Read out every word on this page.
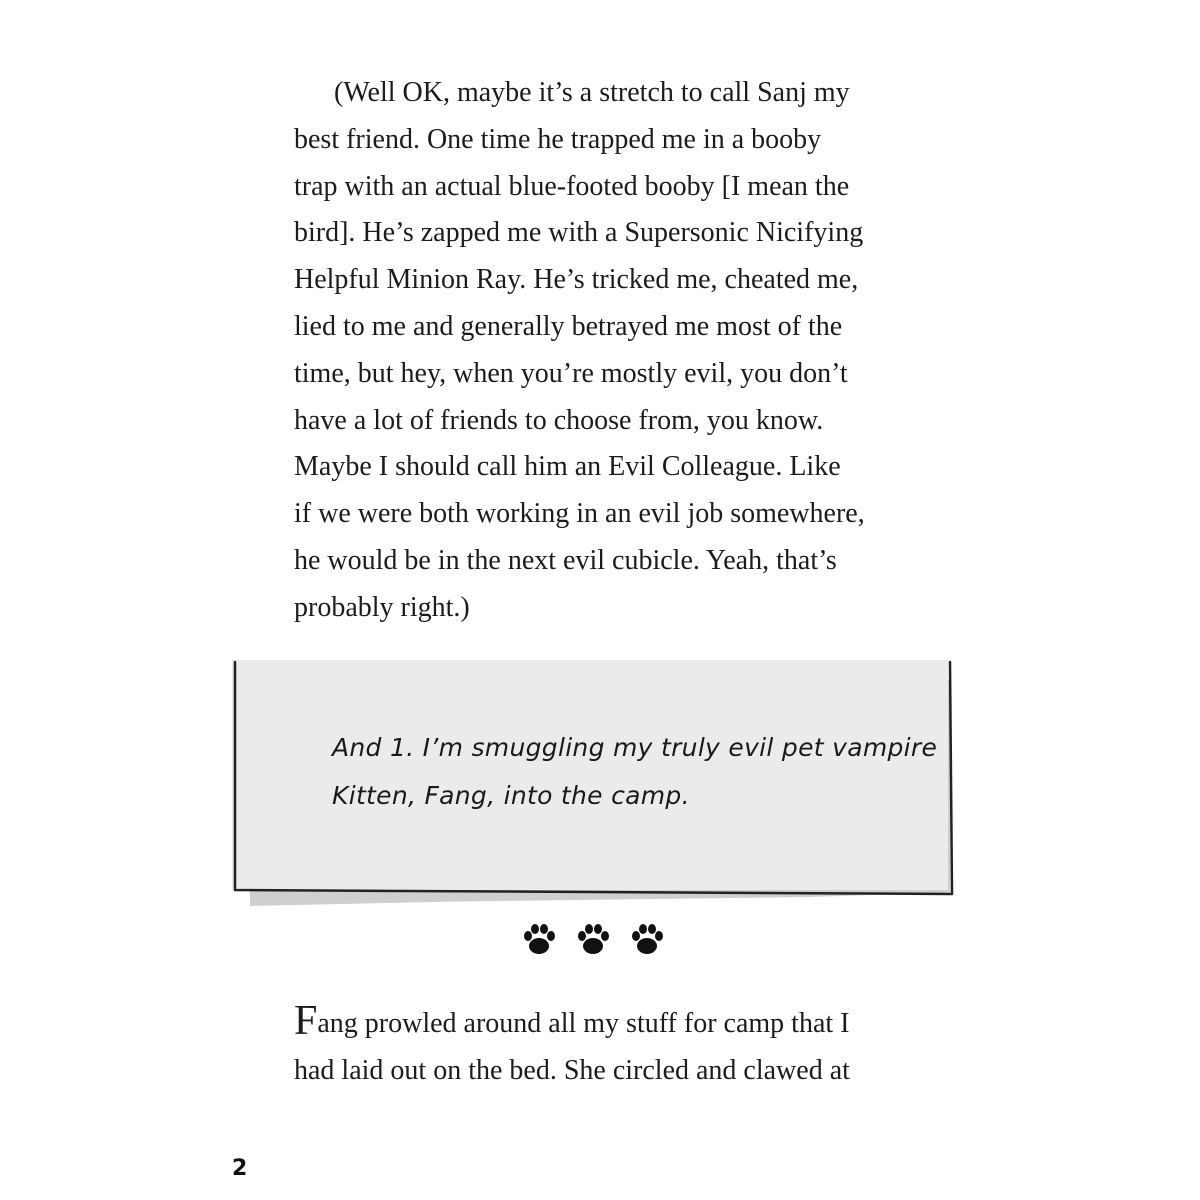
(Well OK, maybe it’s a stretch to call Sanj my
best friend. One time he trapped me in a booby
trap with an actual blue-footed booby [I mean the
bird]. He’s zapped me with a Supersonic Nicifying
Helpful Minion Ray. He’s tricked me, cheated me,
lied to me and generally betrayed me most of the
time, but hey, when you’re mostly evil, you don’t
have a lot of friends to choose from, you know.
Maybe I should call him an Evil Colleague. Like
if we were both working in an evil job somewhere,
he would be in the next evil cubicle. Yeah, that’s
probably right.)
And 1. I’m smuggling my truly evil pet vampire
Kitten, Fang, into the camp.
Fang prowled around all my stuff for camp that I
had laid out on the bed. She circled and clawed at
2
